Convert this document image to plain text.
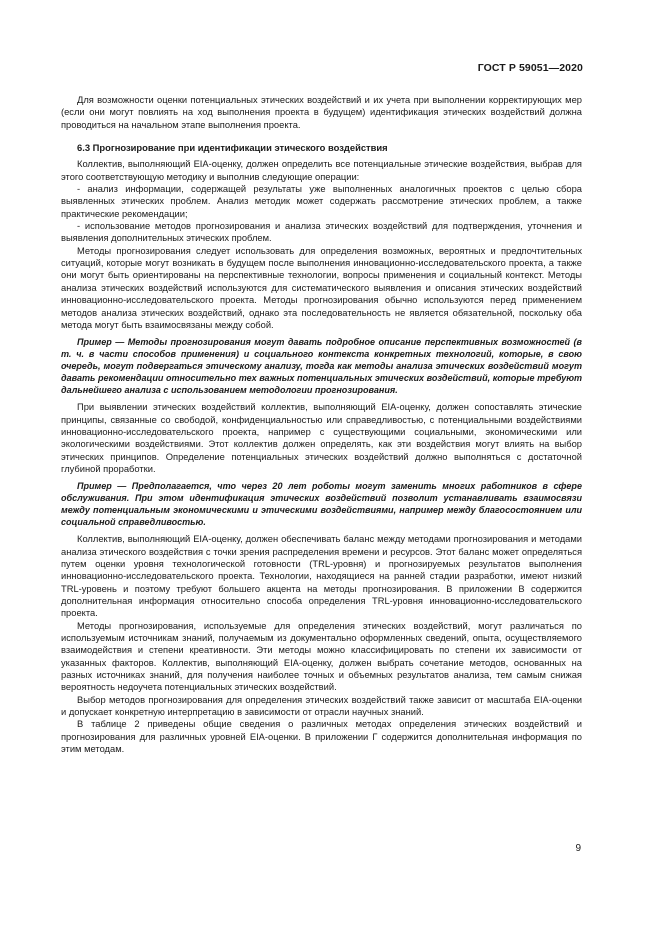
ГОСТ Р 59051—2020

Для возможности оценки потенциальных этических воздействий и их учета при выполнении корректирующих мер (если они могут повлиять на ход выполнения проекта в будущем) идентификация этических воздействий должна проводиться на начальном этапе выполнения проекта.

6.3 Прогнозирование при идентификации этического воздействия

Коллектив, выполняющий EIA-оценку, должен определить все потенциальные этические воздействия, выбрав для этого соответствующую методику и выполнив следующие операции:

- анализ информации, содержащей результаты уже выполненных аналогичных проектов с целью сбора выявленных этических проблем. Анализ методик может содержать рассмотрение этических проблем, а также практические рекомендации;

- использование методов прогнозирования и анализа этических воздействий для подтверждения, уточнения и выявления дополнительных этических проблем.

Методы прогнозирования следует использовать для определения возможных, вероятных и предпочтительных ситуаций, которые могут возникать в будущем после выполнения инновационно-исследовательского проекта, а также они могут быть ориентированы на перспективные технологии, вопросы применения и социальный контекст. Методы анализа этических воздействий используются для систематического выявления и описания этических воздействий инновационно-исследовательского проекта. Методы прогнозирования обычно используются перед применением методов анализа этических воздействий, однако эта последовательность не является обязательной, поскольку оба метода могут быть взаимосвязаны между собой.

Пример — Методы прогнозирования могут давать подробное описание перспективных возможностей (в т. ч. в части способов применения) и социального контекста конкретных технологий, которые, в свою очередь, могут подвергаться этическому анализу, тогда как методы анализа этических воздействий могут давать рекомендации относительно тех важных потенциальных этических воздействий, которые требуют дальнейшего анализа с использованием методологии прогнозирования.

При выявлении этических воздействий коллектив, выполняющий EIA-оценку, должен сопоставлять этические принципы, связанные со свободой, конфиденциальностью или справедливостью, с потенциальными воздействиями инновационно-исследовательского проекта, например с существующими социальными, экономическими или экологическими воздействиями. Этот коллектив должен определять, как эти воздействия могут влиять на выбор этических принципов. Определение потенциальных этических воздействий должно выполняться с достаточной глубиной проработки.

Пример — Предполагается, что через 20 лет роботы могут заменить многих работников в сфере обслуживания. При этом идентификация этических воздействий позволит устанавливать взаимосвязи между потенциальным экономическими и этическими воздействиями, например между благосостоянием или социальной справедливостью.

Коллектив, выполняющий EIA-оценку, должен обеспечивать баланс между методами прогнозирования и методами анализа этического воздействия с точки зрения распределения времени и ресурсов. Этот баланс может определяться путем оценки уровня технологической готовности (TRL-уровня) и прогнозируемых результатов выполнения инновационно-исследовательского проекта. Технологии, находящиеся на ранней стадии разработки, имеют низкий TRL-уровень и поэтому требуют большего акцента на методы прогнозирования. В приложении В содержится дополнительная информация относительно способа определения TRL-уровня инновационно-исследовательского проекта.

Методы прогнозирования, используемые для определения этических воздействий, могут различаться по используемым источникам знаний, получаемым из документально оформленных сведений, опыта, осуществляемого взаимодействия и степени креативности. Эти методы можно классифицировать по степени их зависимости от указанных факторов. Коллектив, выполняющий EIA-оценку, должен выбрать сочетание методов, основанных на разных источниках знаний, для получения наиболее точных и объемных результатов анализа, тем самым снижая вероятность недоучета потенциальных этических воздействий.

Выбор методов прогнозирования для определения этических воздействий также зависит от масштаба EIA-оценки и допускает конкретную интерпретацию в зависимости от отрасли научных знаний.

В таблице 2 приведены общие сведения о различных методах определения этических воздействий и прогнозирования для различных уровней EIA-оценки. В приложении Г содержится дополнительная информация по этим методам.

9
